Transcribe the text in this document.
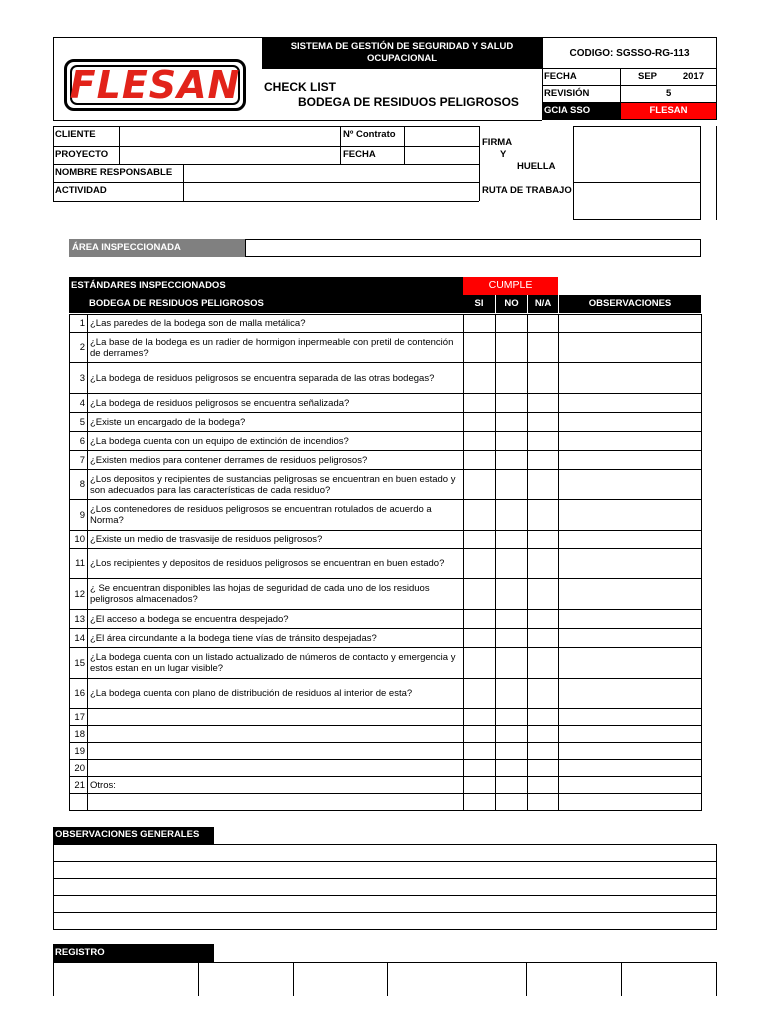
FLESAN
SISTEMA DE GESTIÓN DE SEGURIDAD Y SALUD
OCUPACIONAL
CHECK LIST
BODEGA DE RESIDUOS PELIGROSOS
CODIGO: SGSSO-RG-113
FECHA	SEP	2017
REVISIÓN	5
GCIA SSO	FLESAN
CLIENTE	Nº Contrato
PROYECTO	FECHA
NOMBRE RESPONSABLE
ACTIVIDAD
FIRMA
Y
HUELLA
RUTA DE TRABAJO
ÁREA INSPECCIONADA
ESTÁNDARES INSPECCIONADOS	CUMPLE
BODEGA DE RESIDUOS PELIGROSOS	SI	NO	N/A	OBSERVACIONES
1	¿Las paredes de la bodega son de malla metálica?				
2	¿La base de la bodega es un radier de hormigon inpermeable con pretil de contención de derrames?				
3	¿La bodega de residuos peligrosos se encuentra separada de las otras bodegas?				
4	¿La bodega de residuos peligrosos se encuentra señalizada?				
5	¿Existe un encargado de la bodega?				
6	¿La bodega cuenta con un equipo de extinción de incendios?				
7	¿Existen medios para contener derrames de residuos peligrosos?				
8	¿Los depositos y recipientes de sustancias peligrosas se encuentran en buen estado y son adecuados para las características de cada residuo?				
9	¿Los contenedores de residuos peligrosos se encuentran rotulados de acuerdo a Norma?				
10	¿Existe un medio de trasvasije de residuos peligrosos?				
11	¿Los recipientes y depositos de residuos peligrosos se encuentran en buen estado?				
12	¿ Se encuentran disponibles las hojas de seguridad de cada uno de los residuos peligrosos almacenados?				
13	¿El acceso a bodega se encuentra despejado?				
14	¿El área circundante a la bodega tiene vías de tránsito despejadas?				
15	¿La bodega cuenta con un listado actualizado de números de contacto y emergencia y estos estan en un lugar visible?				
16	¿La bodega cuenta con plano de distribución de residuos al interior de esta?				
17					
18					
19					
20					
21	Otros:				

OBSERVACIONES GENERALES
REGISTRO
